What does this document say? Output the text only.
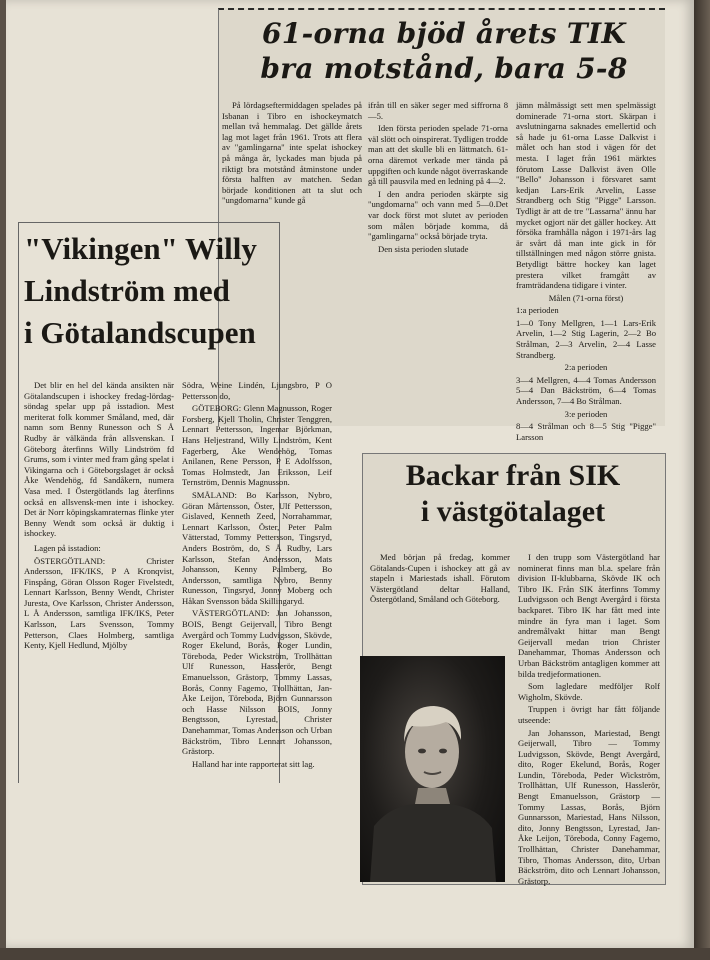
61-orna bjöd årets TIK
bra motstånd, bara 5-8

På lördagseftermiddagen spelades på Isbanan i Tibro en ishockeymatch mellan två hemmalag. Det gällde årets lag mot laget från 1961. Trots att flera av "gamlingarna" inte spelat ishockey på många år, lyckades man bjuda på riktigt bra motstånd åtminstone under första halften av matchen. Sedan började konditionen att ta slut och "ungdomarna" kunde gå

ifrån till en säker seger med siffrorna 8—5.

Iden första perioden spelade 71-orna väl slött och oinspirerat. Tydligen trodde man att det skulle bli en lättmatch. 61-orna däremot verkade mer tända på uppgiften och kunde något överraskande gå till pausvila med en ledning på 4—2.

I den andra perioden skärpte sig "ungdomarna" och vann med 5—0.Det var dock först mot slutet av perioden som målen började komma, då "gamlingarna" också började tryta.

Den sista perioden slutade

jämn målmässigt sett men spelmässigt dominerade 71-orna stort. Skärpan i avslutningarna saknades emellertid och så hade ju 61-orna Lasse Dalkvist i målet och han stod i vägen för det mesta. I laget från 1961 märktes förutom Lasse Dalkvist även Olle "Bello" Johansson i försvaret samt kedjan Lars-Erik Arvelin, Lasse Strandberg och Stig "Pigge" Larsson. Tydligt är att de tre "Lassarna" ännu har mycket ogjort när det gäller hockey. Att försöka framhålla någon i 1971-års lag är svårt då man inte gick in för tillställningen med någon större gnista. Betydligt bättre hockey kan laget prestera vilket framgått av framträdandena tidigare i vinter.

Målen (71-orna först)

1:a perioden

1—0 Tony Mellgren, 1—1 Lars-Erik Arvelin, 1—2 Stig Lagerin, 2—2 Bo Strålman, 2—3 Arvelin, 2—4 Lasse Strandberg.

2:a perioden

3—4 Mellgren, 4—4 Tomas Andersson 5—4 Dan Bäckström, 6—4 Tomas Andersson, 7—4 Bo Strålman.

3:e perioden

8—4 Strålman och 8—5 Stig "Pigge" Larsson

"Vikingen" Willy
Lindström med
i Götalandscupen

Det blir en hel del kända ansikten när Götalandscupen i ishockey fredag-lördag-söndag spelar upp på isstadion. Mest meriterat folk kommer Småland, med, där namn som Benny Runesson och S Å Rudby är välkända från allsvenskan. I Göteborg återfinns Willy Lindström fd Grums, som i vinter med fram gång spelat i Vikingarna och i Göteborgslaget är också Åke Wendehög, fd Sandåkern, numera Vasa med. I Östergötlands lag återfinns också en allsvensk-men inte i ishockey. Det är Norr köpingskamraternas flinke yter Benny Wendt som också är duktig i ishockey.

Lagen på isstadion:

ÖSTERGÖTLAND: Christer Andersson, IFK/IKS, P A Kronqvist, Finspång, Göran Olsson Roger Fivelstedt, Lennart Karlsson, Benny Wendt, Christer Juresta, Ove Karlsson, Christer Andersson, L Å Andersson, samtliga IFK/IKS, Peter Karlsson, Lars Svensson, Tommy Petterson, Claes Holmberg, samtliga Kenty, Kjell Hedlund, Mjölby

Södra, Weine Lindén, Ljungsbro, P O Pettersson do,

GÖTEBORG: Glenn Magnusson, Roger Forsberg, Kjell Tholin, Christer Tenggren, Lennart Pettersson, Ingemar Björkman, Hans Heljestrand, Willy Lindström, Kent Fagerberg, Åke Wendehög, Tomas Anilanen, Rene Persson, P E Adolfsson, Tomas Holmstedt, Jan Eriksson, Leif Ternström, Dennis Magnusson.

SMÅLAND: Bo Karlsson, Nybro, Göran Mårtensson, Öster, Ulf Pettersson, Gislaved, Kenneth Zeed, Norrahammar, Lennart Karlsson, Öster, Peter Palm Vätterstad, Tommy Pettersson, Tingsryd, Anders Boström, do, S Å Rudby, Lars Karlsson, Stefan Andersson, Mats Johansson, Kenny Palmberg, Bo Andersson, samtliga Nybro, Benny Runesson, Tingsryd, Jonny Moberg och Håkan Svensson båda Skillingaryd.

VÄSTERGÖTLAND: Jan Johansson, BOIS, Bengt Geijervall, Tibro Bengt Avergård och Tommy Ludvigsson, Skövde, Roger Ekelund, Borås, Roger Lundin, Töreboda, Peder Wickström, Trollhättan Ulf Runesson, Hasslerör, Bengt Emanuelsson, Grästorp, Tommy Lassas, Borås, Conny Fagemo, Trollhättan, Jan-Åke Leijon, Töreboda, Björn Gunnarsson och Hasse Nilsson BOIS, Jonny Bengtsson, Lyrestad, Christer Danehammar, Tomas Andersson och Urban Bäckström, Tibro Lennart Johansson, Grästorp.

Halland har inte rapporterat sitt lag.

Backar från SIK
i västgötalaget

Med början på fredag, kommer Götalands-Cupen i ishockey att gå av stapeln i Mariestads ishall. Förutom Västergötland deltar Halland, Östergötland, Småland och Göteborg.

I den trupp som Västergötland har nominerat finns man bl.a. spelare från division II-klubbarna, Skövde IK och Tibro IK. Från SIK återfinns Tommy Ludvigsson och Bengt Avergård i första backparet. Tibro IK har fått med inte mindre än fyra man i laget. Som andremålvakt hittar man Bengt Geijervall medan trion Christer Danehammar, Thomas Andersson och Urban Bäckström antagligen kommer att bilda tredjeformationen.

Som lagledare medföljer Rolf Wigholm, Skövde.

Truppen i övrigt har fått följande utseende:

Jan Johansson, Mariestad, Bengt Geijerwall, Tibro — Tommy Ludvigsson, Skövde, Bengt Avergård, dito, Roger Ekelund, Borås, Roger Lundin, Töreboda, Peder Wickström, Trollhättan, Ulf Runesson, Hasslerör, Bengt Emanuelsson, Grästorp — Tommy Lassas, Borås, Björn Gunnarsson, Mariestad, Hans Nilsson, dito, Jonny Bengtsson, Lyrestad, Jan-Åke Leijon, Töreboda, Conny Fagemo, Trollhättan, Christer Danehammar, Tibro, Thomas Andersson, dito, Urban Bäckström, dito och Lennart Johansson, Grästorp.
